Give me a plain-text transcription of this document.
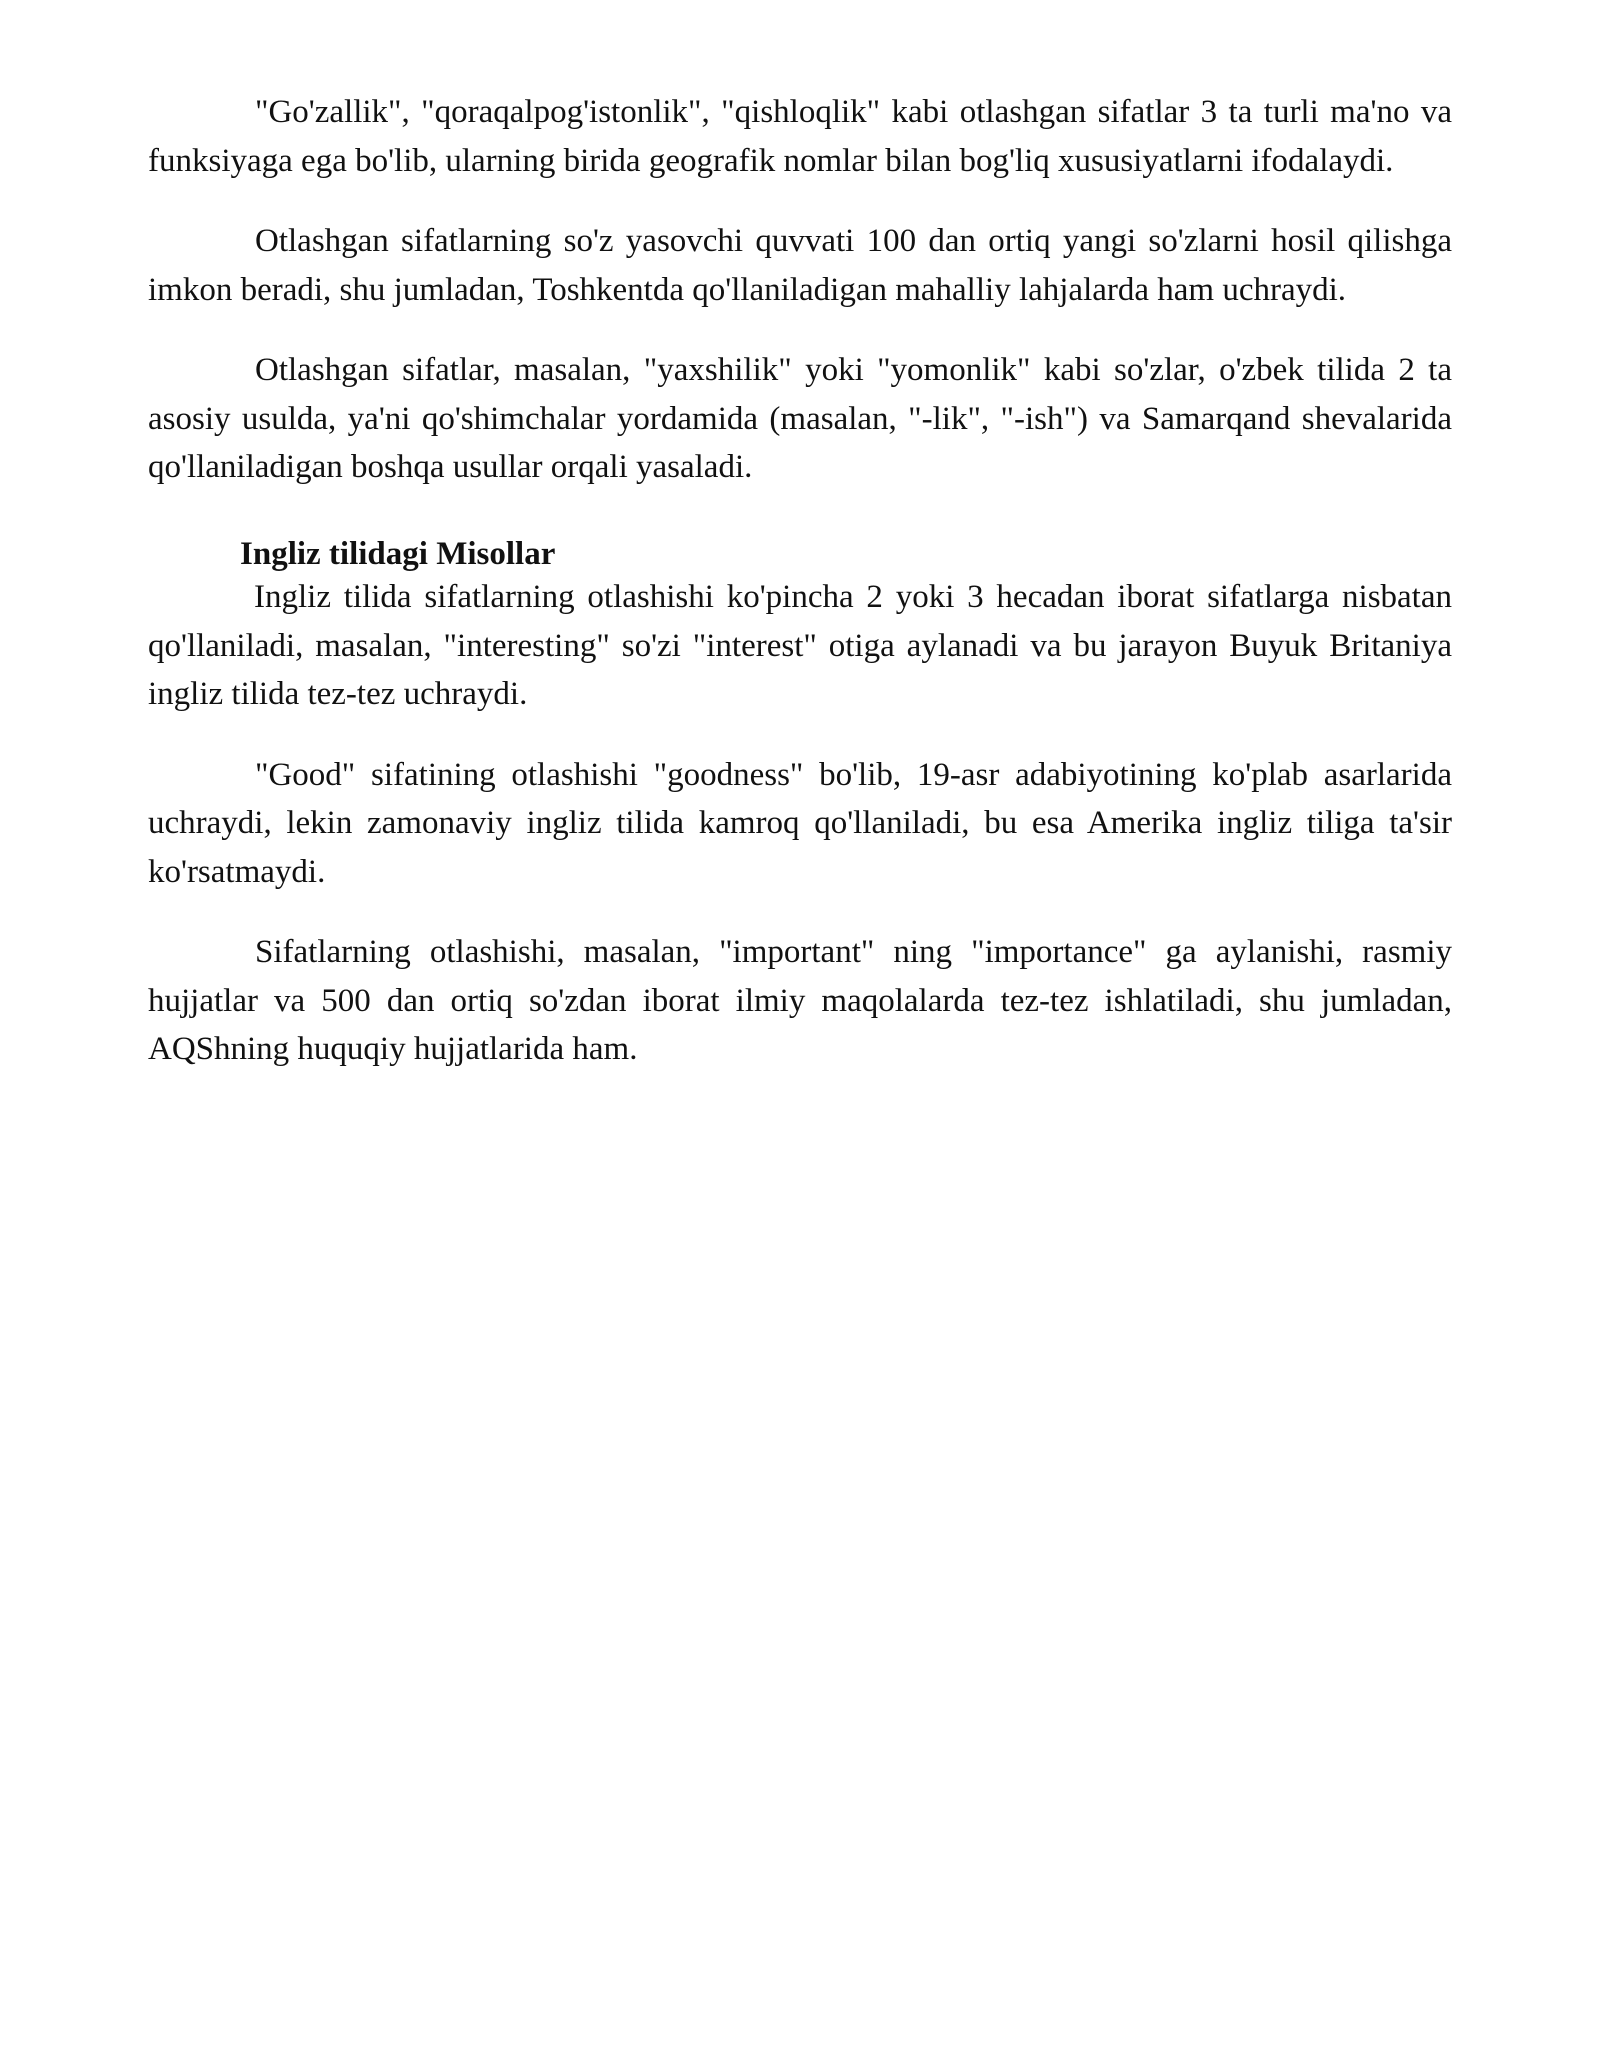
"Go'zallik", "qoraqalpog'istonlik", "qishloqlik" kabi otlashgan sifatlar 3 ta turli ma'no va funksiyaga ega bo'lib, ularning birida geografik nomlar bilan bog'liq xususiyatlarni ifodalaydi.

Otlashgan sifatlarning so'z yasovchi quvvati 100 dan ortiq yangi so'zlarni hosil qilishga imkon beradi, shu jumladan, Toshkentda qo'llaniladigan mahalliy lahjalarda ham uchraydi.

Otlashgan sifatlar, masalan, "yaxshilik" yoki "yomonlik" kabi so'zlar, o'zbek tilida 2 ta asosiy usulda, ya'ni qo'shimchalar yordamida (masalan, "-lik", "-ish") va Samarqand shevalarida qo'llaniladigan boshqa usullar orqali yasaladi.

Ingliz tilidagi Misollar

Ingliz tilida sifatlarning otlashishi ko'pincha 2 yoki 3 hecadan iborat sifatlarga nisbatan qo'llaniladi, masalan, "interesting" so'zi "interest" otiga aylanadi va bu jarayon Buyuk Britaniya ingliz tilida tez-tez uchraydi.

"Good" sifatining otlashishi "goodness" bo'lib, 19-asr adabiyotining ko'plab asarlarida uchraydi, lekin zamonaviy ingliz tilida kamroq qo'llaniladi, bu esa Amerika ingliz tiliga ta'sir ko'rsatmaydi.

Sifatlarning otlashishi, masalan, "important" ning "importance" ga aylanishi, rasmiy hujjatlar va 500 dan ortiq so'zdan iborat ilmiy maqolalarda tez-tez ishlatiladi, shu jumladan, AQShning huquqiy hujjatlarida ham.
